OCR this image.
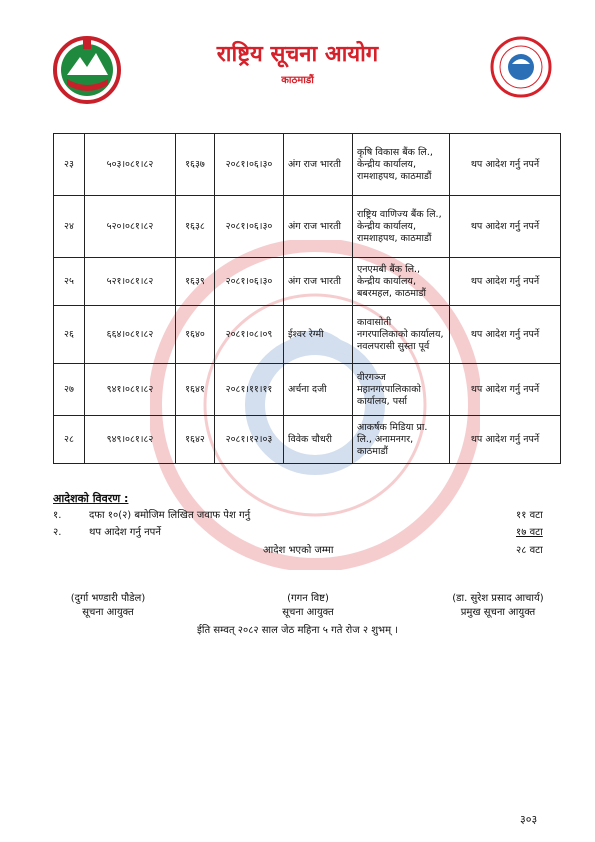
राष्ट्रिय सूचना आयोग
काठमाडौं
२३	५०३।०८१।८२	१६३७	२०८१।०६।३०	अंग राज भारती	कृषि विकास बैंक लि., केन्द्रीय कार्यालय, रामशाहपथ, काठमाडौं	थप आदेश गर्नु नपर्ने
२४	५२०।०८१।८२	१६३८	२०८१।०६।३०	अंग राज भारती	राष्ट्रिय वाणिज्य बैंक लि., केन्द्रीय कार्यालय, रामशाहपथ, काठमाडौं	थप आदेश गर्नु नपर्ने
२५	५२१।०८१।८२	१६३९	२०८१।०६।३०	अंग राज भारती	एनएमबी बैंक लि., केन्द्रीय कार्यालय, बबरमहल, काठमाडौं	थप आदेश गर्नु नपर्ने
२६	६६४।०८१।८२	१६४०	२०८१।०८।०९	ईश्वर रेग्मी	कावासोती नगरपालिकाको कार्यालय, नवलपरासी सुस्ता पूर्व	थप आदेश गर्नु नपर्ने
२७	९४१।०८१।८२	१६४१	२०८१।११।११	अर्चना दजी	वीरगञ्ज महानगरपालिकाको कार्यालय, पर्सा	थप आदेश गर्नु नपर्ने
२८	९४९।०८१।८२	१६४२	२०८१।१२।०३	विवेक चौधरी	आकर्षक मिडिया प्रा. लि., अनामनगर, काठमाडौं	थप आदेश गर्नु नपर्ने
आदेशको विवरण :
१.	दफा १०(२) बमोजिम लिखित जवाफ पेश गर्नु	११ वटा
२.	थप आदेश गर्नु नपर्ने	१७ वटा
आदेश भएको जम्मा	२८ वटा
(दुर्गा भण्डारी पौडेल)
सूचना आयुक्त
(गगन विष्ट)
सूचना आयुक्त
(डा. सुरेश प्रसाद आचार्य)
प्रमुख सूचना आयुक्त
ईति सम्वत् २०८२ साल जेठ महिना ५ गते रोज २ शुभम् ।
३०३
